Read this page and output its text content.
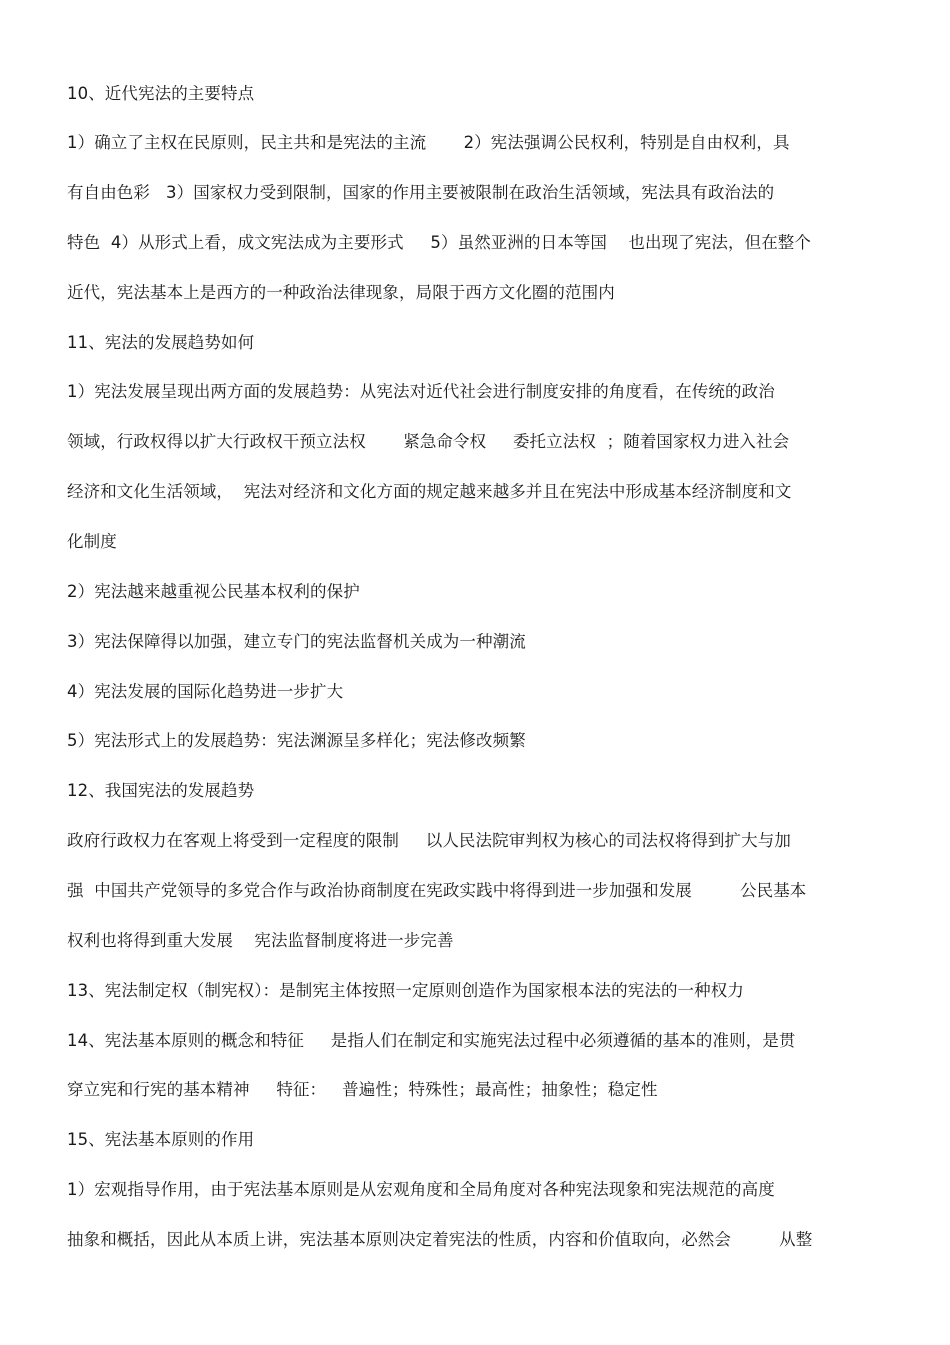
10、近代宪法的主要特点
1）确立了主权在民原则，民主共和是宪法的主流       2）宪法强调公民权利，特别是自由权利，具
有自由色彩   3）国家权力受到限制，国家的作用主要被限制在政治生活领域，宪法具有政治法的
特色  4）从形式上看，成文宪法成为主要形式     5）虽然亚洲的日本等国    也出现了宪法，但在整个
近代，宪法基本上是西方的一种政治法律现象，局限于西方文化圈的范围内
11、宪法的发展趋势如何
1）宪法发展呈现出两方面的发展趋势：从宪法对近代社会进行制度安排的角度看，在传统的政治
领域，行政权得以扩大行政权干预立法权       紧急命令权     委托立法权  ；随着国家权力进入社会
经济和文化生活领域，  宪法对经济和文化方面的规定越来越多并且在宪法中形成基本经济制度和文
化制度
2）宪法越来越重视公民基本权利的保护
3）宪法保障得以加强，建立专门的宪法监督机关成为一种潮流
4）宪法发展的国际化趋势进一步扩大
5）宪法形式上的发展趋势：宪法渊源呈多样化；宪法修改频繁
12、我国宪法的发展趋势
政府行政权力在客观上将受到一定程度的限制     以人民法院审判权为核心的司法权将得到扩大与加
强  中国共产党领导的多党合作与政治协商制度在宪政实践中将得到进一步加强和发展         公民基本
权利也将得到重大发展    宪法监督制度将进一步完善
13、宪法制定权（制宪权）：是制宪主体按照一定原则创造作为国家根本法的宪法的一种权力
14、宪法基本原则的概念和特征     是指人们在制定和实施宪法过程中必须遵循的基本的准则，是贯
穿立宪和行宪的基本精神     特征：   普遍性；特殊性；最高性；抽象性；稳定性
15、宪法基本原则的作用
1）宏观指导作用，由于宪法基本原则是从宏观角度和全局角度对各种宪法现象和宪法规范的高度
抽象和概括，因此从本质上讲，宪法基本原则决定着宪法的性质，内容和价值取向，必然会         从整
